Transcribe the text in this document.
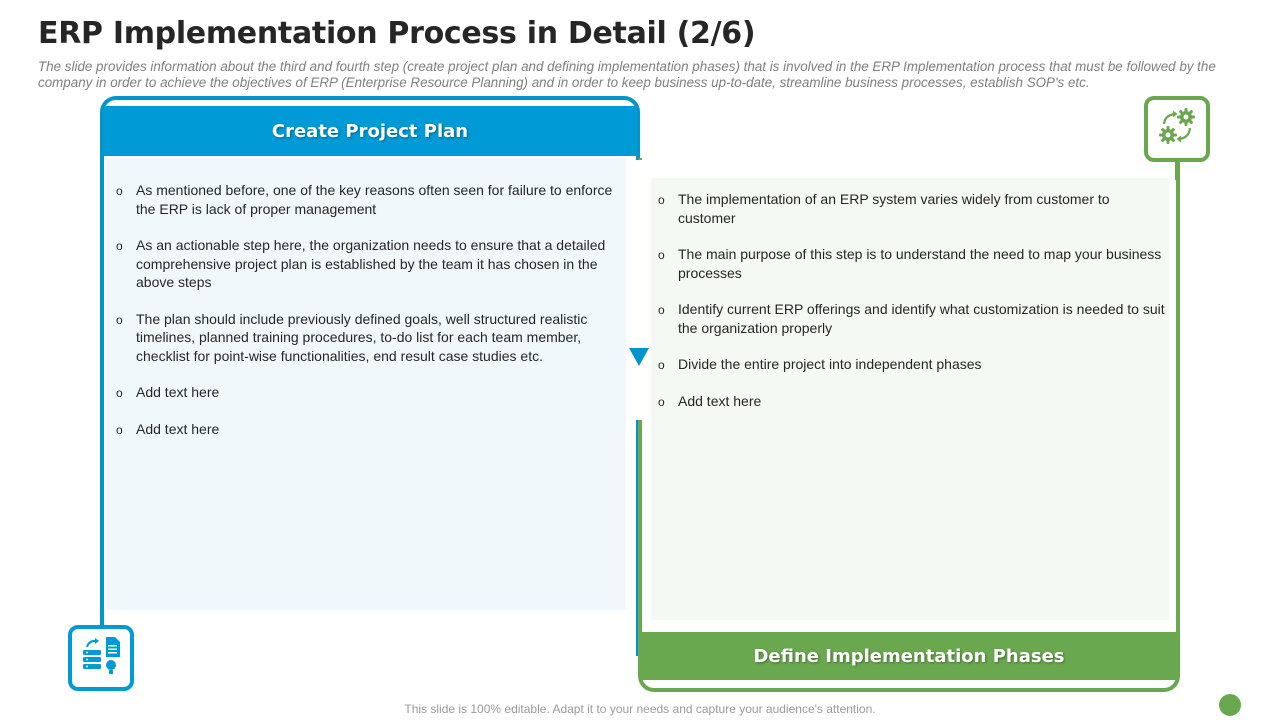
ERP Implementation Process in Detail (2/6)

The slide provides information about the third and fourth step (create project plan and defining implementation phases) that is involved in the ERP Implementation process that must be followed by the company in order to achieve the objectives of ERP (Enterprise Resource Planning) and in order to keep business up-to-date, streamline business processes, establish SOP's etc.

Create Project Plan
o As mentioned before, one of the key reasons often seen for failure to enforce the ERP is lack of proper management
o As an actionable step here, the organization needs to ensure that a detailed comprehensive project plan is established by the team it has chosen in the above steps
o The plan should include previously defined goals, well structured realistic timelines, planned training procedures, to-do list for each team member, checklist for point-wise functionalities, end result case studies etc.
o Add text here
o Add text here
o The implementation of an ERP system varies widely from customer to customer
o The main purpose of this step is to understand the need to map your business processes
o Identify current ERP offerings and identify what customization is needed to suit the organization properly
o Divide the entire project into independent phases
o Add text here
Define Implementation Phases
This slide is 100% editable. Adapt it to your needs and capture your audience's attention.
